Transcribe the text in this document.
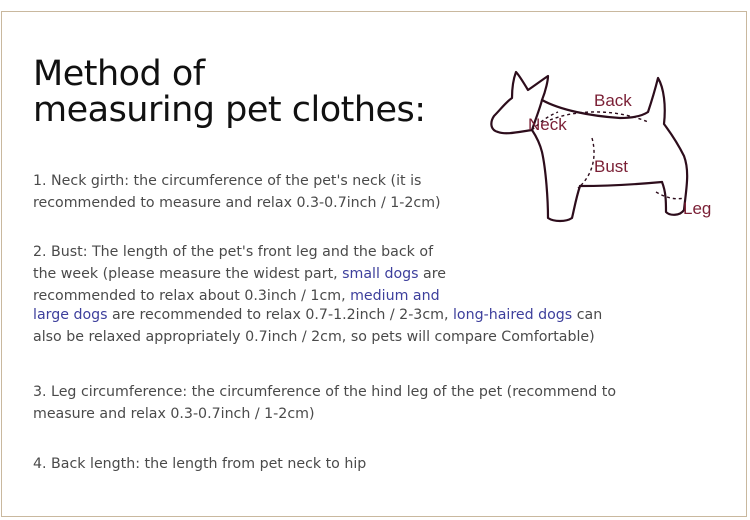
Method of
measuring pet clothes:	Back
Neck
Bust
Leg
1. Neck girth: the circumference of the pet's neck (it is
recommended to measure and relax 0.3-0.7inch / 1-2cm)
2. Bust: The length of the pet's front leg and the back of
the week (please measure the widest part, small dogs are
recommended to relax about 0.3inch / 1cm, medium and
large dogs are recommended to relax 0.7-1.2inch / 2-3cm, long-haired dogs can
also be relaxed appropriately 0.7inch / 2cm, so pets will compare Comfortable)
3. Leg circumference: the circumference of the hind leg of the pet (recommend to
measure and relax 0.3-0.7inch / 1-2cm)
4. Back length: the length from pet neck to hip
